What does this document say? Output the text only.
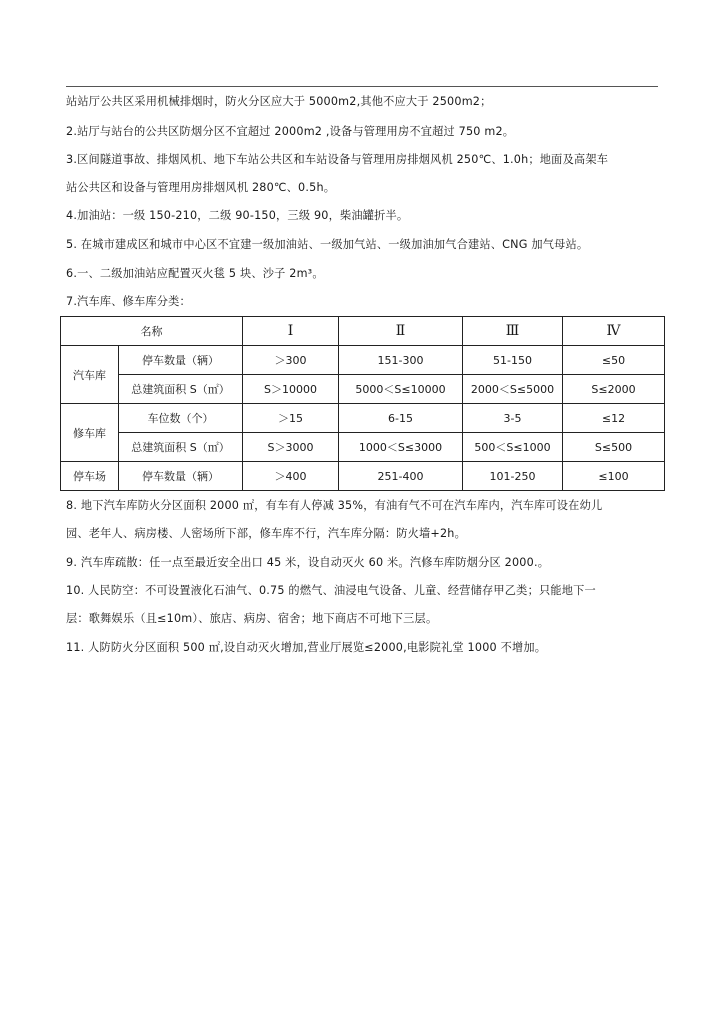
站站厅公共区采用机械排烟时，防火分区应大于 5000m2,其他不应大于 2500m2；
2.站厅与站台的公共区防烟分区不宜超过 2000m2 ,设备与管理用房不宜超过 750 m2。
3.区间隧道事故、排烟风机、地下车站公共区和车站设备与管理用房排烟风机 250℃、1.0h；地面及高架车
站公共区和设备与管理用房排烟风机 280℃、0.5h。
4.加油站：一级 150-210，二级 90-150，三级 90，柴油罐折半。
5. 在城市建成区和城市中心区不宜建一级加油站、一级加气站、一级加油加气合建站、CNG 加气母站。
6.一、二级加油站应配置灭火毯 5 块、沙子 2m³。
7.汽车库、修车库分类：
名称		Ⅰ	Ⅱ	Ⅲ	Ⅳ
汽车库	停车数量（辆）	＞300	151-300	51-150	≤50
	总建筑面积 S（㎡）	S＞10000	5000＜S≤10000	2000＜S≤5000	S≤2000
修车库	车位数（个）	＞15	6-15	3-5	≤12
	总建筑面积 S（㎡）	S＞3000	1000＜S≤3000	500＜S≤1000	S≤500
停车场	停车数量（辆）	＞400	251-400	101-250	≤100
8. 地下汽车库防火分区面积 2000 ㎡，有车有人停减 35%，有油有气不可在汽车库内，汽车库可设在幼儿
园、老年人、病房楼、人密场所下部，修车库不行，汽车库分隔：防火墙+2h。
9. 汽车库疏散：任一点至最近安全出口 45 米，设自动灭火 60 米。汽修车库防烟分区 2000.。
10. 人民防空：不可设置液化石油气、0.75 的燃气、油浸电气设备、儿童、经营储存甲乙类；只能地下一
层：歌舞娱乐（且≤10m）、旅店、病房、宿舍；地下商店不可地下三层。
11. 人防防火分区面积 500 ㎡,设自动灭火增加,营业厅展览≤2000,电影院礼堂 1000 不增加。
